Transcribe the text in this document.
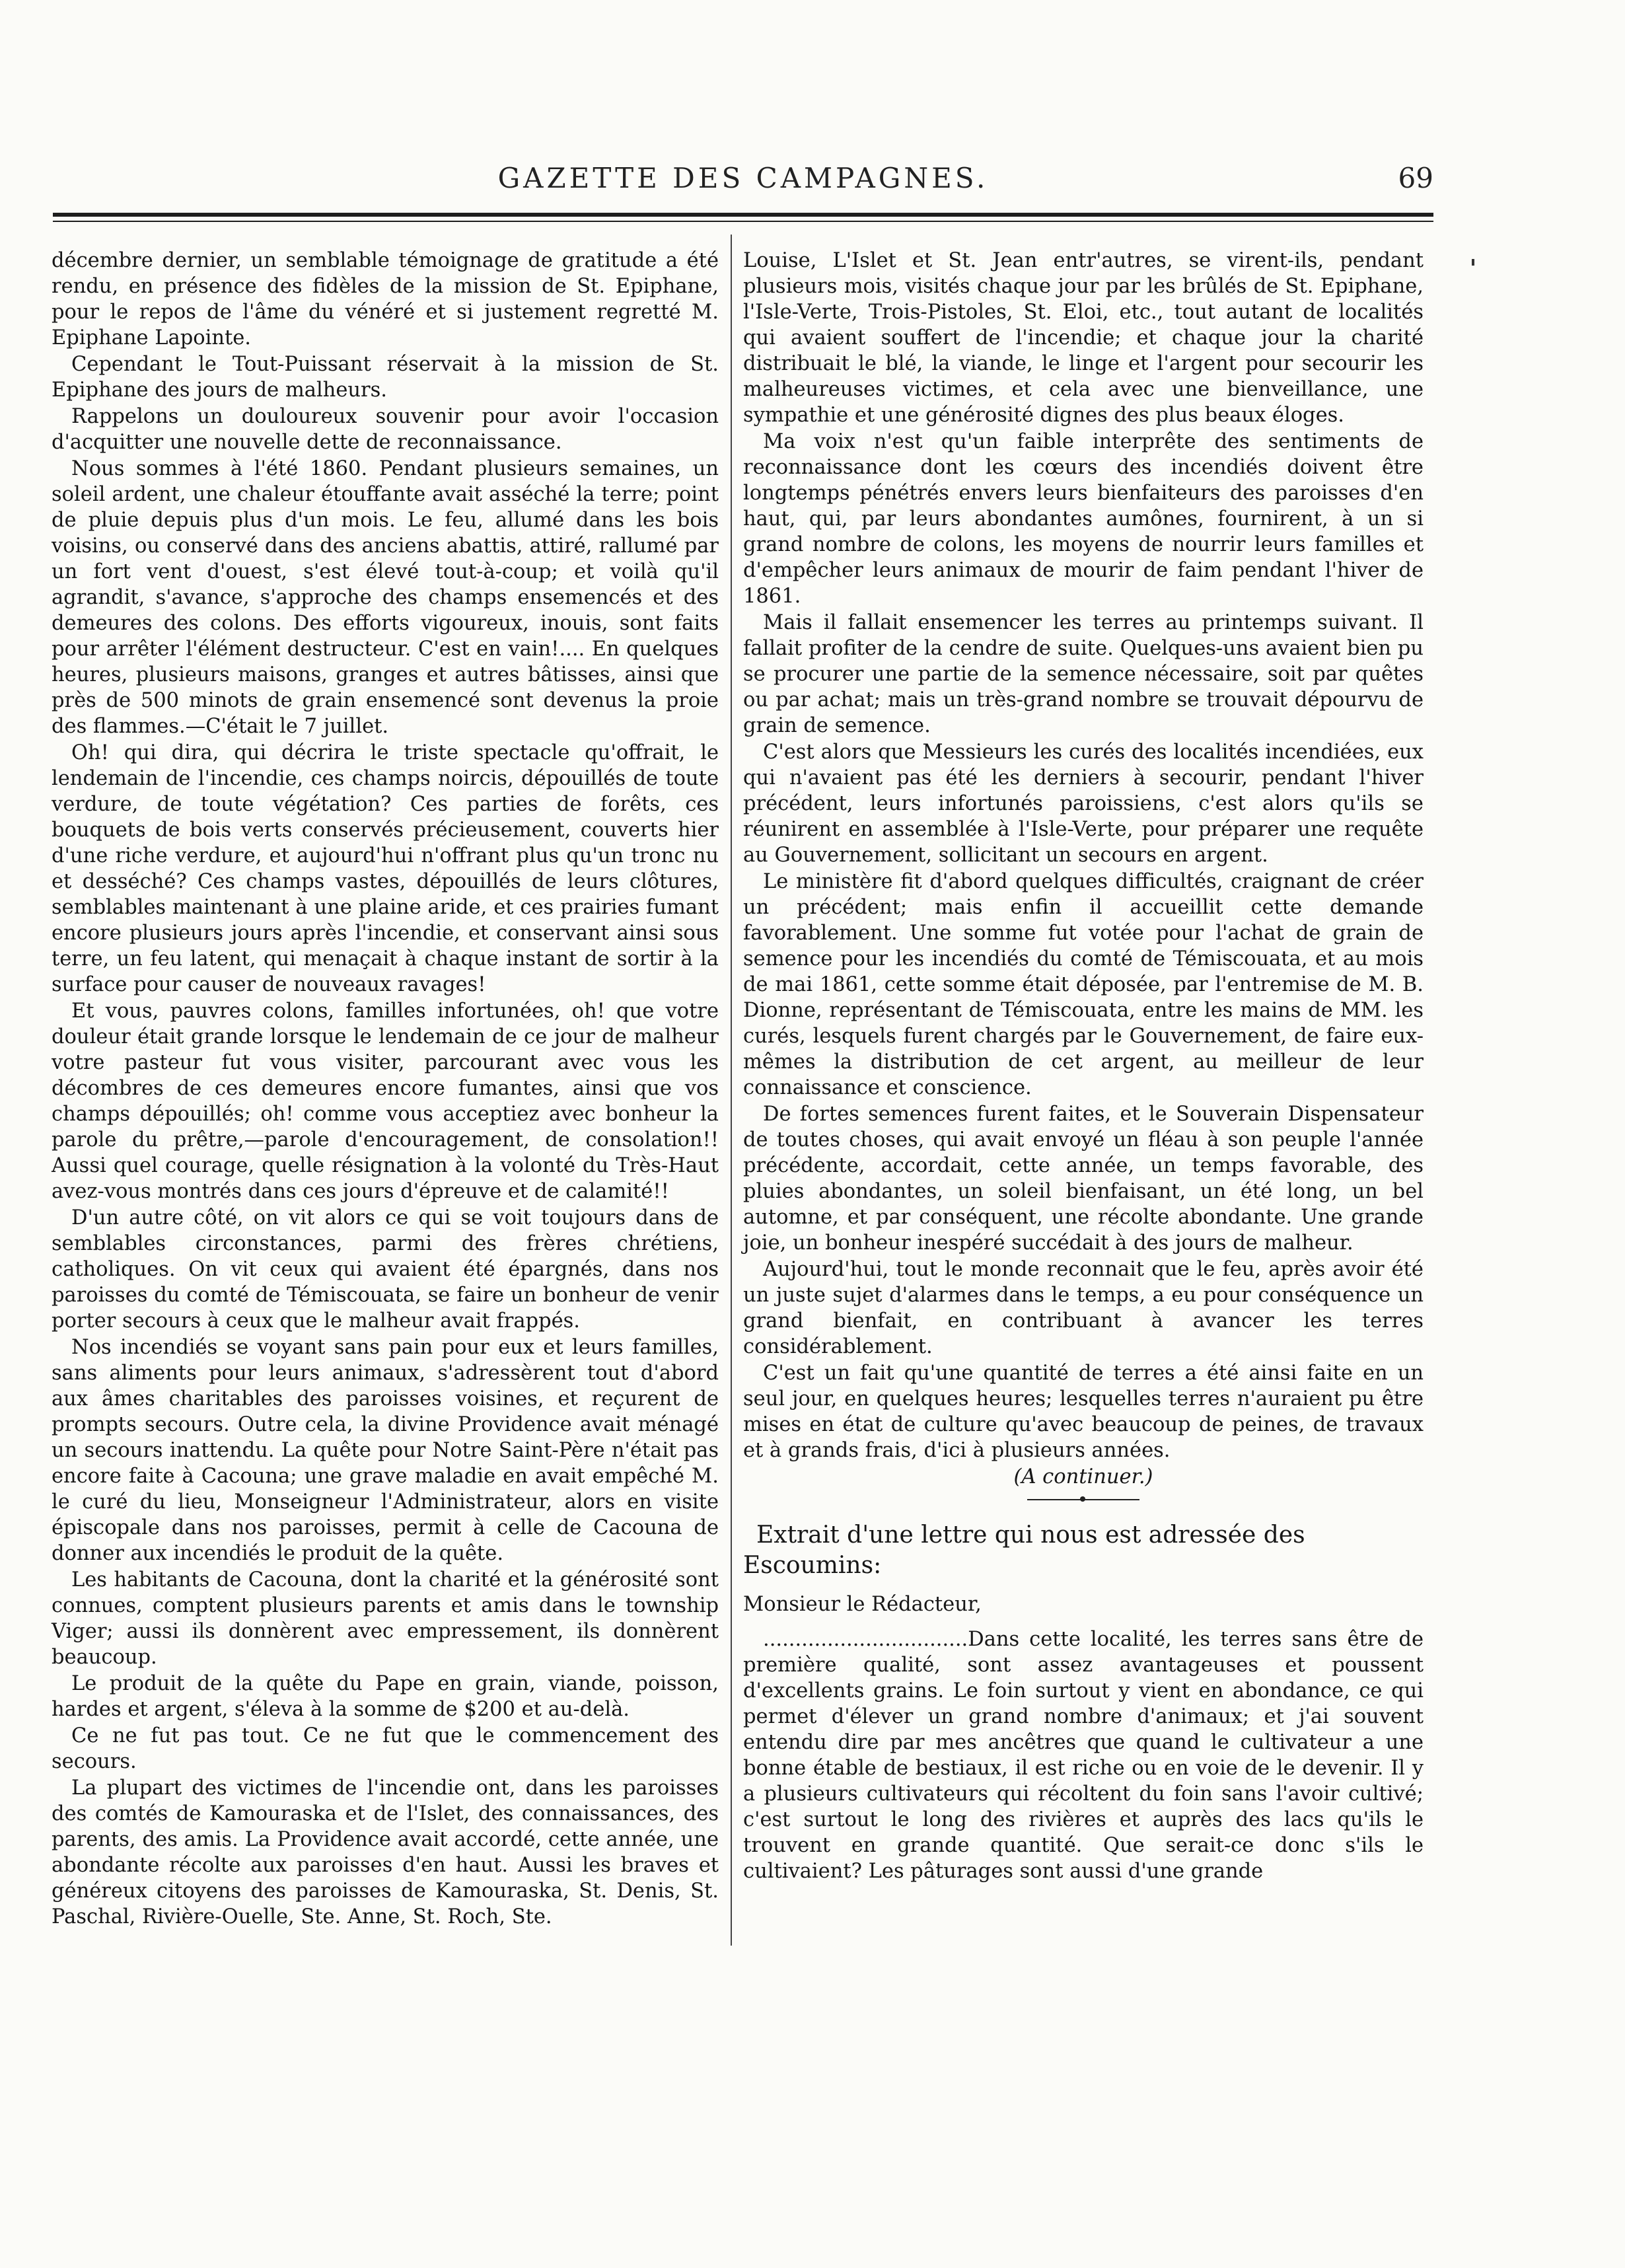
GAZETTE DES CAMPAGNES.	69

décembre dernier, un semblable témoignage de gratitude a été rendu, en présence des fidèles de la mission de St. Epiphane, pour le repos de l'âme du vénéré et si justement regretté M. Epiphane Lapointe.

Cependant le Tout-Puissant réservait à la mission de St. Epiphane des jours de malheurs.

Rappelons un douloureux souvenir pour avoir l'occasion d'acquitter une nouvelle dette de reconnaissance.

Nous sommes à l'été 1860. Pendant plusieurs semaines, un soleil ardent, une chaleur étouffante avait asséché la terre; point de pluie depuis plus d'un mois. Le feu, allumé dans les bois voisins, ou conservé dans des anciens abattis, attiré, rallumé par un fort vent d'ouest, s'est élevé tout-à-coup; et voilà qu'il agrandit, s'avance, s'approche des champs ensemencés et des demeures des colons. Des efforts vigoureux, inouis, sont faits pour arrêter l'élément destructeur. C'est en vain!.... En quelques heures, plusieurs maisons, granges et autres bâtisses, ainsi que près de 500 minots de grain ensemencé sont devenus la proie des flammes.—C'était le 7 juillet.

Oh! qui dira, qui décrira le triste spectacle qu'offrait, le lendemain de l'incendie, ces champs noircis, dépouillés de toute verdure, de toute végétation? Ces parties de forêts, ces bouquets de bois verts conservés précieusement, couverts hier d'une riche verdure, et aujourd'hui n'offrant plus qu'un tronc nu et desséché? Ces champs vastes, dépouillés de leurs clôtures, semblables maintenant à une plaine aride, et ces prairies fumant encore plusieurs jours après l'incendie, et conservant ainsi sous terre, un feu latent, qui menaçait à chaque instant de sortir à la surface pour causer de nouveaux ravages!

Et vous, pauvres colons, familles infortunées, oh! que votre douleur était grande lorsque le lendemain de ce jour de malheur votre pasteur fut vous visiter, parcourant avec vous les décombres de ces demeures encore fumantes, ainsi que vos champs dépouillés; oh! comme vous acceptiez avec bonheur la parole du prêtre,—parole d'encouragement, de consolation!! Aussi quel courage, quelle résignation à la volonté du Très-Haut avez-vous montrés dans ces jours d'épreuve et de calamité!!

D'un autre côté, on vit alors ce qui se voit toujours dans de semblables circonstances, parmi des frères chrétiens, catholiques. On vit ceux qui avaient été épargnés, dans nos paroisses du comté de Témiscouata, se faire un bonheur de venir porter secours à ceux que le malheur avait frappés.

Nos incendiés se voyant sans pain pour eux et leurs familles, sans aliments pour leurs animaux, s'adressèrent tout d'abord aux âmes charitables des paroisses voisines, et reçurent de prompts secours. Outre cela, la divine Providence avait ménagé un secours inattendu. La quête pour Notre Saint-Père n'était pas encore faite à Cacouna; une grave maladie en avait empêché M. le curé du lieu, Monseigneur l'Administrateur, alors en visite épiscopale dans nos paroisses, permit à celle de Cacouna de donner aux incendiés le produit de la quête.

Les habitants de Cacouna, dont la charité et la générosité sont connues, comptent plusieurs parents et amis dans le township Viger; aussi ils donnèrent avec empressement, ils donnèrent beaucoup.

Le produit de la quête du Pape en grain, viande, poisson, hardes et argent, s'éleva à la somme de $200 et au-delà.

Ce ne fut pas tout. Ce ne fut que le commencement des secours.

La plupart des victimes de l'incendie ont, dans les paroisses des comtés de Kamouraska et de l'Islet, des connaissances, des parents, des amis. La Providence avait accordé, cette année, une abondante récolte aux paroisses d'en haut. Aussi les braves et généreux citoyens des paroisses de Kamouraska, St. Denis, St. Paschal, Rivière-Ouelle, Ste. Anne, St. Roch, Ste.

Louise, L'Islet et St. Jean entr'autres, se virent-ils, pendant plusieurs mois, visités chaque jour par les brûlés de St. Epiphane, l'Isle-Verte, Trois-Pistoles, St. Eloi, etc., tout autant de localités qui avaient souffert de l'incendie; et chaque jour la charité distribuait le blé, la viande, le linge et l'argent pour secourir les malheureuses victimes, et cela avec une bienveillance, une sympathie et une générosité dignes des plus beaux éloges.

Ma voix n'est qu'un faible interprête des sentiments de reconnaissance dont les cœurs des incendiés doivent être longtemps pénétrés envers leurs bienfaiteurs des paroisses d'en haut, qui, par leurs abondantes aumônes, fournirent, à un si grand nombre de colons, les moyens de nourrir leurs familles et d'empêcher leurs animaux de mourir de faim pendant l'hiver de 1861.

Mais il fallait ensemencer les terres au printemps suivant. Il fallait profiter de la cendre de suite. Quelques-uns avaient bien pu se procurer une partie de la semence nécessaire, soit par quêtes ou par achat; mais un très-grand nombre se trouvait dépourvu de grain de semence.

C'est alors que Messieurs les curés des localités incendiées, eux qui n'avaient pas été les derniers à secourir, pendant l'hiver précédent, leurs infortunés paroissiens, c'est alors qu'ils se réunirent en assemblée à l'Isle-Verte, pour préparer une requête au Gouvernement, sollicitant un secours en argent.

Le ministère fit d'abord quelques difficultés, craignant de créer un précédent; mais enfin il accueillit cette demande favorablement. Une somme fut votée pour l'achat de grain de semence pour les incendiés du comté de Témiscouata, et au mois de mai 1861, cette somme était déposée, par l'entremise de M. B. Dionne, représentant de Témiscouata, entre les mains de MM. les curés, lesquels furent chargés par le Gouvernement, de faire eux-mêmes la distribution de cet argent, au meilleur de leur connaissance et conscience.

De fortes semences furent faites, et le Souverain Dispensateur de toutes choses, qui avait envoyé un fléau à son peuple l'année précédente, accordait, cette année, un temps favorable, des pluies abondantes, un soleil bienfaisant, un été long, un bel automne, et par conséquent, une récolte abondante. Une grande joie, un bonheur inespéré succédait à des jours de malheur.

Aujourd'hui, tout le monde reconnait que le feu, après avoir été un juste sujet d'alarmes dans le temps, a eu pour conséquence un grand bienfait, en contribuant à avancer les terres considérablement.

C'est un fait qu'une quantité de terres a été ainsi faite en un seul jour, en quelques heures; lesquelles terres n'auraient pu être mises en état de culture qu'avec beaucoup de peines, de travaux et à grands frais, d'ici à plusieurs années.

(A continuer.)

Extrait d'une lettre qui nous est adressée des Escoumins:

Monsieur le Rédacteur,

................................Dans cette localité, les terres sans être de première qualité, sont assez avantageuses et poussent d'excellents grains. Le foin surtout y vient en abondance, ce qui permet d'élever un grand nombre d'animaux; et j'ai souvent entendu dire par mes ancêtres que quand le cultivateur a une bonne étable de bestiaux, il est riche ou en voie de le devenir. Il y a plusieurs cultivateurs qui récoltent du foin sans l'avoir cultivé; c'est surtout le long des rivières et auprès des lacs qu'ils le trouvent en grande quantité. Que serait-ce donc s'ils le cultivaient? Les pâturages sont aussi d'une grande
